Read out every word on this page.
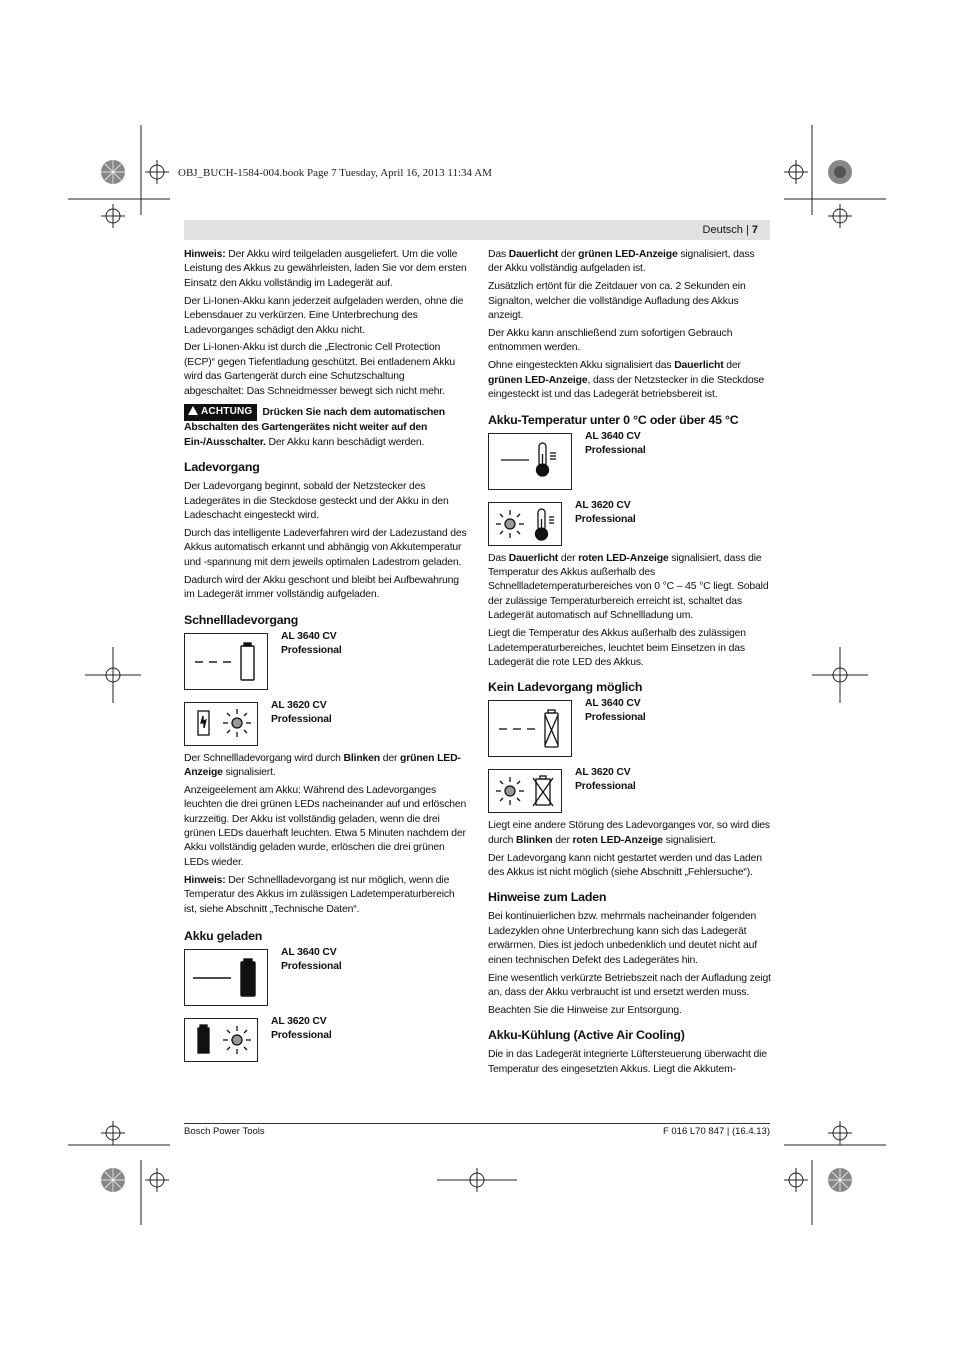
OBJ_BUCH-1584-004.book Page 7 Tuesday, April 16, 2013 11:34 AM
Deutsch | 7

Hinweis: Der Akku wird teilgeladen ausgeliefert. Um die volle Leistung des Akkus zu gewährleisten, laden Sie vor dem ersten Einsatz den Akku vollständig im Ladegerät auf.

Der Li-Ionen-Akku kann jederzeit aufgeladen werden, ohne die Lebensdauer zu verkürzen. Eine Unterbrechung des Ladevorganges schädigt den Akku nicht.

Der Li-Ionen-Akku ist durch die „Electronic Cell Protection (ECP)“ gegen Tiefentladung geschützt. Bei entladenem Akku wird das Gartengerät durch eine Schutzschaltung abgeschaltet: Das Schneidmesser bewegt sich nicht mehr.

ACHTUNG Drücken Sie nach dem automatischen Abschalten des Gartengerätes nicht weiter auf den Ein-/Ausschalter. Der Akku kann beschädigt werden.

Ladevorgang

Der Ladevorgang beginnt, sobald der Netzstecker des Ladegerätes in die Steckdose gesteckt und der Akku in den Ladeschacht eingesteckt wird.

Durch das intelligente Ladeverfahren wird der Ladezustand des Akkus automatisch erkannt und abhängig von Akkutemperatur und -spannung mit dem jeweils optimalen Ladestrom geladen.

Dadurch wird der Akku geschont und bleibt bei Aufbewahrung im Ladegerät immer vollständig aufgeladen.

Schnellladevorgang
AL 3640 CV
Professional
AL 3620 CV
Professional

Der Schnellladevorgang wird durch Blinken der grünen LED-Anzeige signalisiert.

Anzeigeelement am Akku: Während des Ladevorganges leuchten die drei grünen LEDs nacheinander auf und erlöschen kurzzeitig. Der Akku ist vollständig geladen, wenn die drei grünen LEDs dauerhaft leuchten. Etwa 5 Minuten nachdem der Akku vollständig geladen wurde, erlöschen die drei grünen LEDs wieder.

Hinweis: Der Schnellladevorgang ist nur möglich, wenn die Temperatur des Akkus im zulässigen Ladetemperaturbereich ist, siehe Abschnitt „Technische Daten“.

Akku geladen
AL 3640 CV
Professional
AL 3620 CV
Professional

Das Dauerlicht der grünen LED-Anzeige signalisiert, dass der Akku vollständig aufgeladen ist.

Zusätzlich ertönt für die Zeitdauer von ca. 2 Sekunden ein Signalton, welcher die vollständige Aufladung des Akkus anzeigt.

Der Akku kann anschließend zum sofortigen Gebrauch entnommen werden.

Ohne eingesteckten Akku signalisiert das Dauerlicht der grünen LED-Anzeige, dass der Netzstecker in die Steckdose eingesteckt ist und das Ladegerät betriebsbereit ist.

Akku-Temperatur unter 0 °C oder über 45 °C
AL 3640 CV
Professional
AL 3620 CV
Professional

Das Dauerlicht der roten LED-Anzeige signalisiert, dass die Temperatur des Akkus außerhalb des Schnellladetemperaturbereiches von 0 °C – 45 °C liegt. Sobald der zulässige Temperaturbereich erreicht ist, schaltet das Ladegerät automatisch auf Schnellladung um.

Liegt die Temperatur des Akkus außerhalb des zulässigen Ladetemperaturbereiches, leuchtet beim Einsetzen in das Ladegerät die rote LED des Akkus.

Kein Ladevorgang möglich
AL 3640 CV
Professional
AL 3620 CV
Professional

Liegt eine andere Störung des Ladevorganges vor, so wird dies durch Blinken der roten LED-Anzeige signalisiert.

Der Ladevorgang kann nicht gestartet werden und das Laden des Akkus ist nicht möglich (siehe Abschnitt „Fehlersuche“).

Hinweise zum Laden

Bei kontinuierlichen bzw. mehrmals nacheinander folgenden Ladezyklen ohne Unterbrechung kann sich das Ladegerät erwärmen. Dies ist jedoch unbedenklich und deutet nicht auf einen technischen Defekt des Ladegerätes hin.

Eine wesentlich verkürzte Betriebszeit nach der Aufladung zeigt an, dass der Akku verbraucht ist und ersetzt werden muss.

Beachten Sie die Hinweise zur Entsorgung.

Akku-Kühlung (Active Air Cooling)

Die in das Ladegerät integrierte Lüftersteuerung überwacht die Temperatur des eingesetzten Akkus. Liegt die Akkutem-

Bosch Power Tools	F 016 L70 847 | (16.4.13)
